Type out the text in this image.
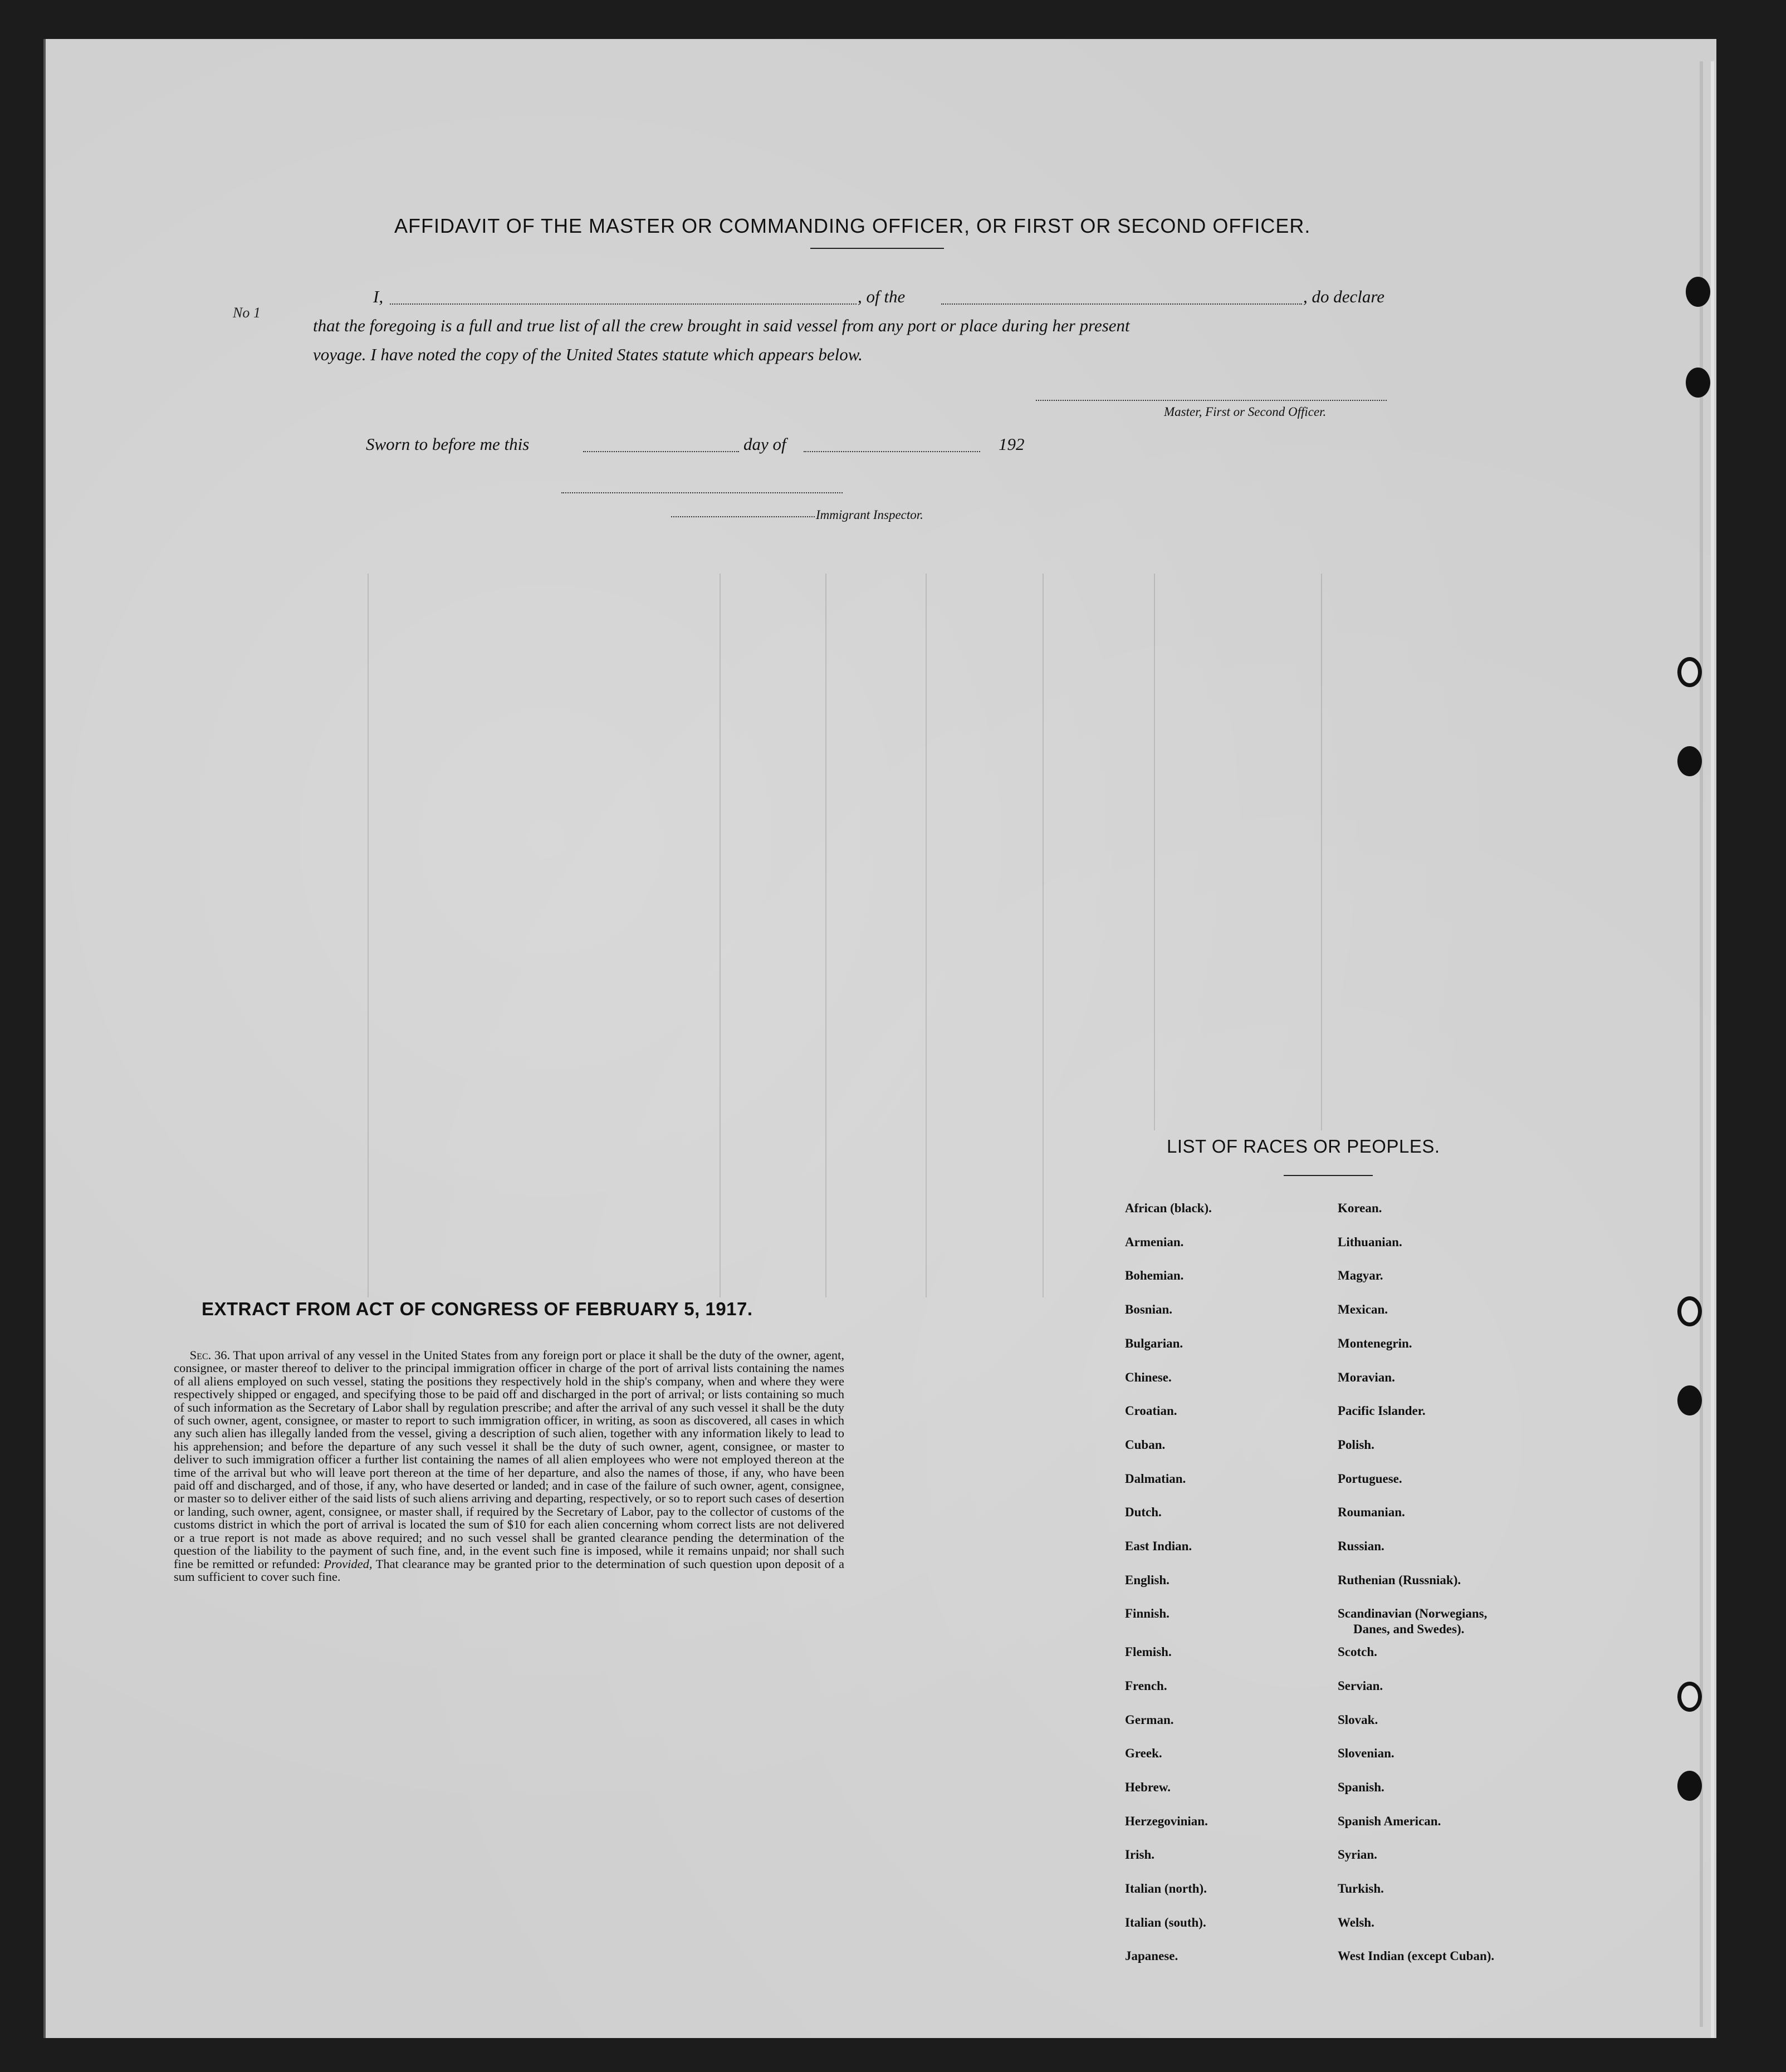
AFFIDAVIT OF THE MASTER OR COMMANDING OFFICER, OR FIRST OR SECOND OFFICER.
No 1
I,	, of the	, do declare
that the foregoing is a full and true list of all the crew brought in said vessel from any port or place during her present
voyage. I have noted the copy of the United States statute which appears below.
Master, First or Second Officer.
Sworn to before me this	day of	192
Immigrant Inspector.
EXTRACT FROM ACT OF CONGRESS OF FEBRUARY 5, 1917.
Sec. 36. That upon arrival of any vessel in the United States from any foreign port or place it shall be the duty of the owner, agent, consignee, or master thereof to deliver to the principal immigration officer in charge of the port of arrival lists containing the names of all aliens employed on such vessel, stating the positions they respectively hold in the ship's company, when and where they were respectively shipped or engaged, and specifying those to be paid off and discharged in the port of arrival; or lists containing so much of such information as the Secretary of Labor shall by regulation prescribe; and after the arrival of any such vessel it shall be the duty of such owner, agent, consignee, or master to report to such immigration officer, in writing, as soon as discovered, all cases in which any such alien has illegally landed from the vessel, giving a description of such alien, together with any information likely to lead to his apprehension; and before the departure of any such vessel it shall be the duty of such owner, agent, consignee, or master to deliver to such immigration officer a further list containing the names of all alien employees who were not employed thereon at the time of the arrival but who will leave port thereon at the time of her departure, and also the names of those, if any, who have been paid off and discharged, and of those, if any, who have deserted or landed; and in case of the failure of such owner, agent, consignee, or master so to deliver either of the said lists of such aliens arriving and departing, respectively, or so to report such cases of desertion or landing, such owner, agent, consignee, or master shall, if required by the Secretary of Labor, pay to the collector of customs of the customs district in which the port of arrival is located the sum of $10 for each alien concerning whom correct lists are not delivered or a true report is not made as above required; and no such vessel shall be granted clearance pending the determination of the question of the liability to the payment of such fine, and, in the event such fine is imposed, while it remains unpaid; nor shall such fine be remitted or refunded: Provided, That clearance may be granted prior to the determination of such question upon deposit of a sum sufficient to cover such fine.
LIST OF RACES OR PEOPLES.
African (black).
Armenian.
Bohemian.
Bosnian.
Bulgarian.
Chinese.
Croatian.
Cuban.
Dalmatian.
Dutch.
East Indian.
English.
Finnish.
Flemish.
French.
German.
Greek.
Hebrew.
Herzegovinian.
Irish.
Italian (north).
Italian (south).
Japanese.
Korean.
Lithuanian.
Magyar.
Mexican.
Montenegrin.
Moravian.
Pacific Islander.
Polish.
Portuguese.
Roumanian.
Russian.
Ruthenian (Russniak).
Scandinavian (Norwegians,
Danes, and Swedes).
Scotch.
Servian.
Slovak.
Slovenian.
Spanish.
Spanish American.
Syrian.
Turkish.
Welsh.
West Indian (except Cuban).
